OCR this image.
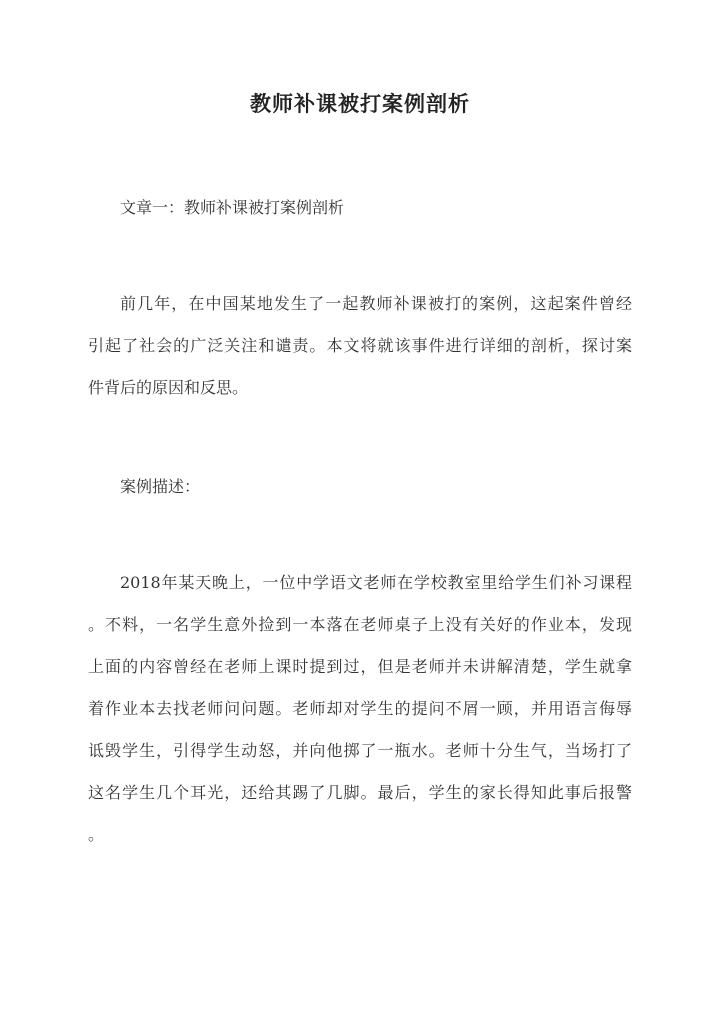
教师补课被打案例剖析
文章一：教师补课被打案例剖析
前几年，在中国某地发生了一起教师补课被打的案例，这起案件曾经
引起了社会的广泛关注和谴责。本文将就该事件进行详细的剖析，探讨案
件背后的原因和反思。
案例描述：
2018年某天晚上，一位中学语文老师在学校教室里给学生们补习课程
。不料，一名学生意外捡到一本落在老师桌子上没有关好的作业本，发现
上面的内容曾经在老师上课时提到过，但是老师并未讲解清楚，学生就拿
着作业本去找老师问问题。老师却对学生的提问不屑一顾，并用语言侮辱
诋毁学生，引得学生动怒，并向他掷了一瓶水。老师十分生气，当场打了
这名学生几个耳光，还给其踢了几脚。最后，学生的家长得知此事后报警
。
